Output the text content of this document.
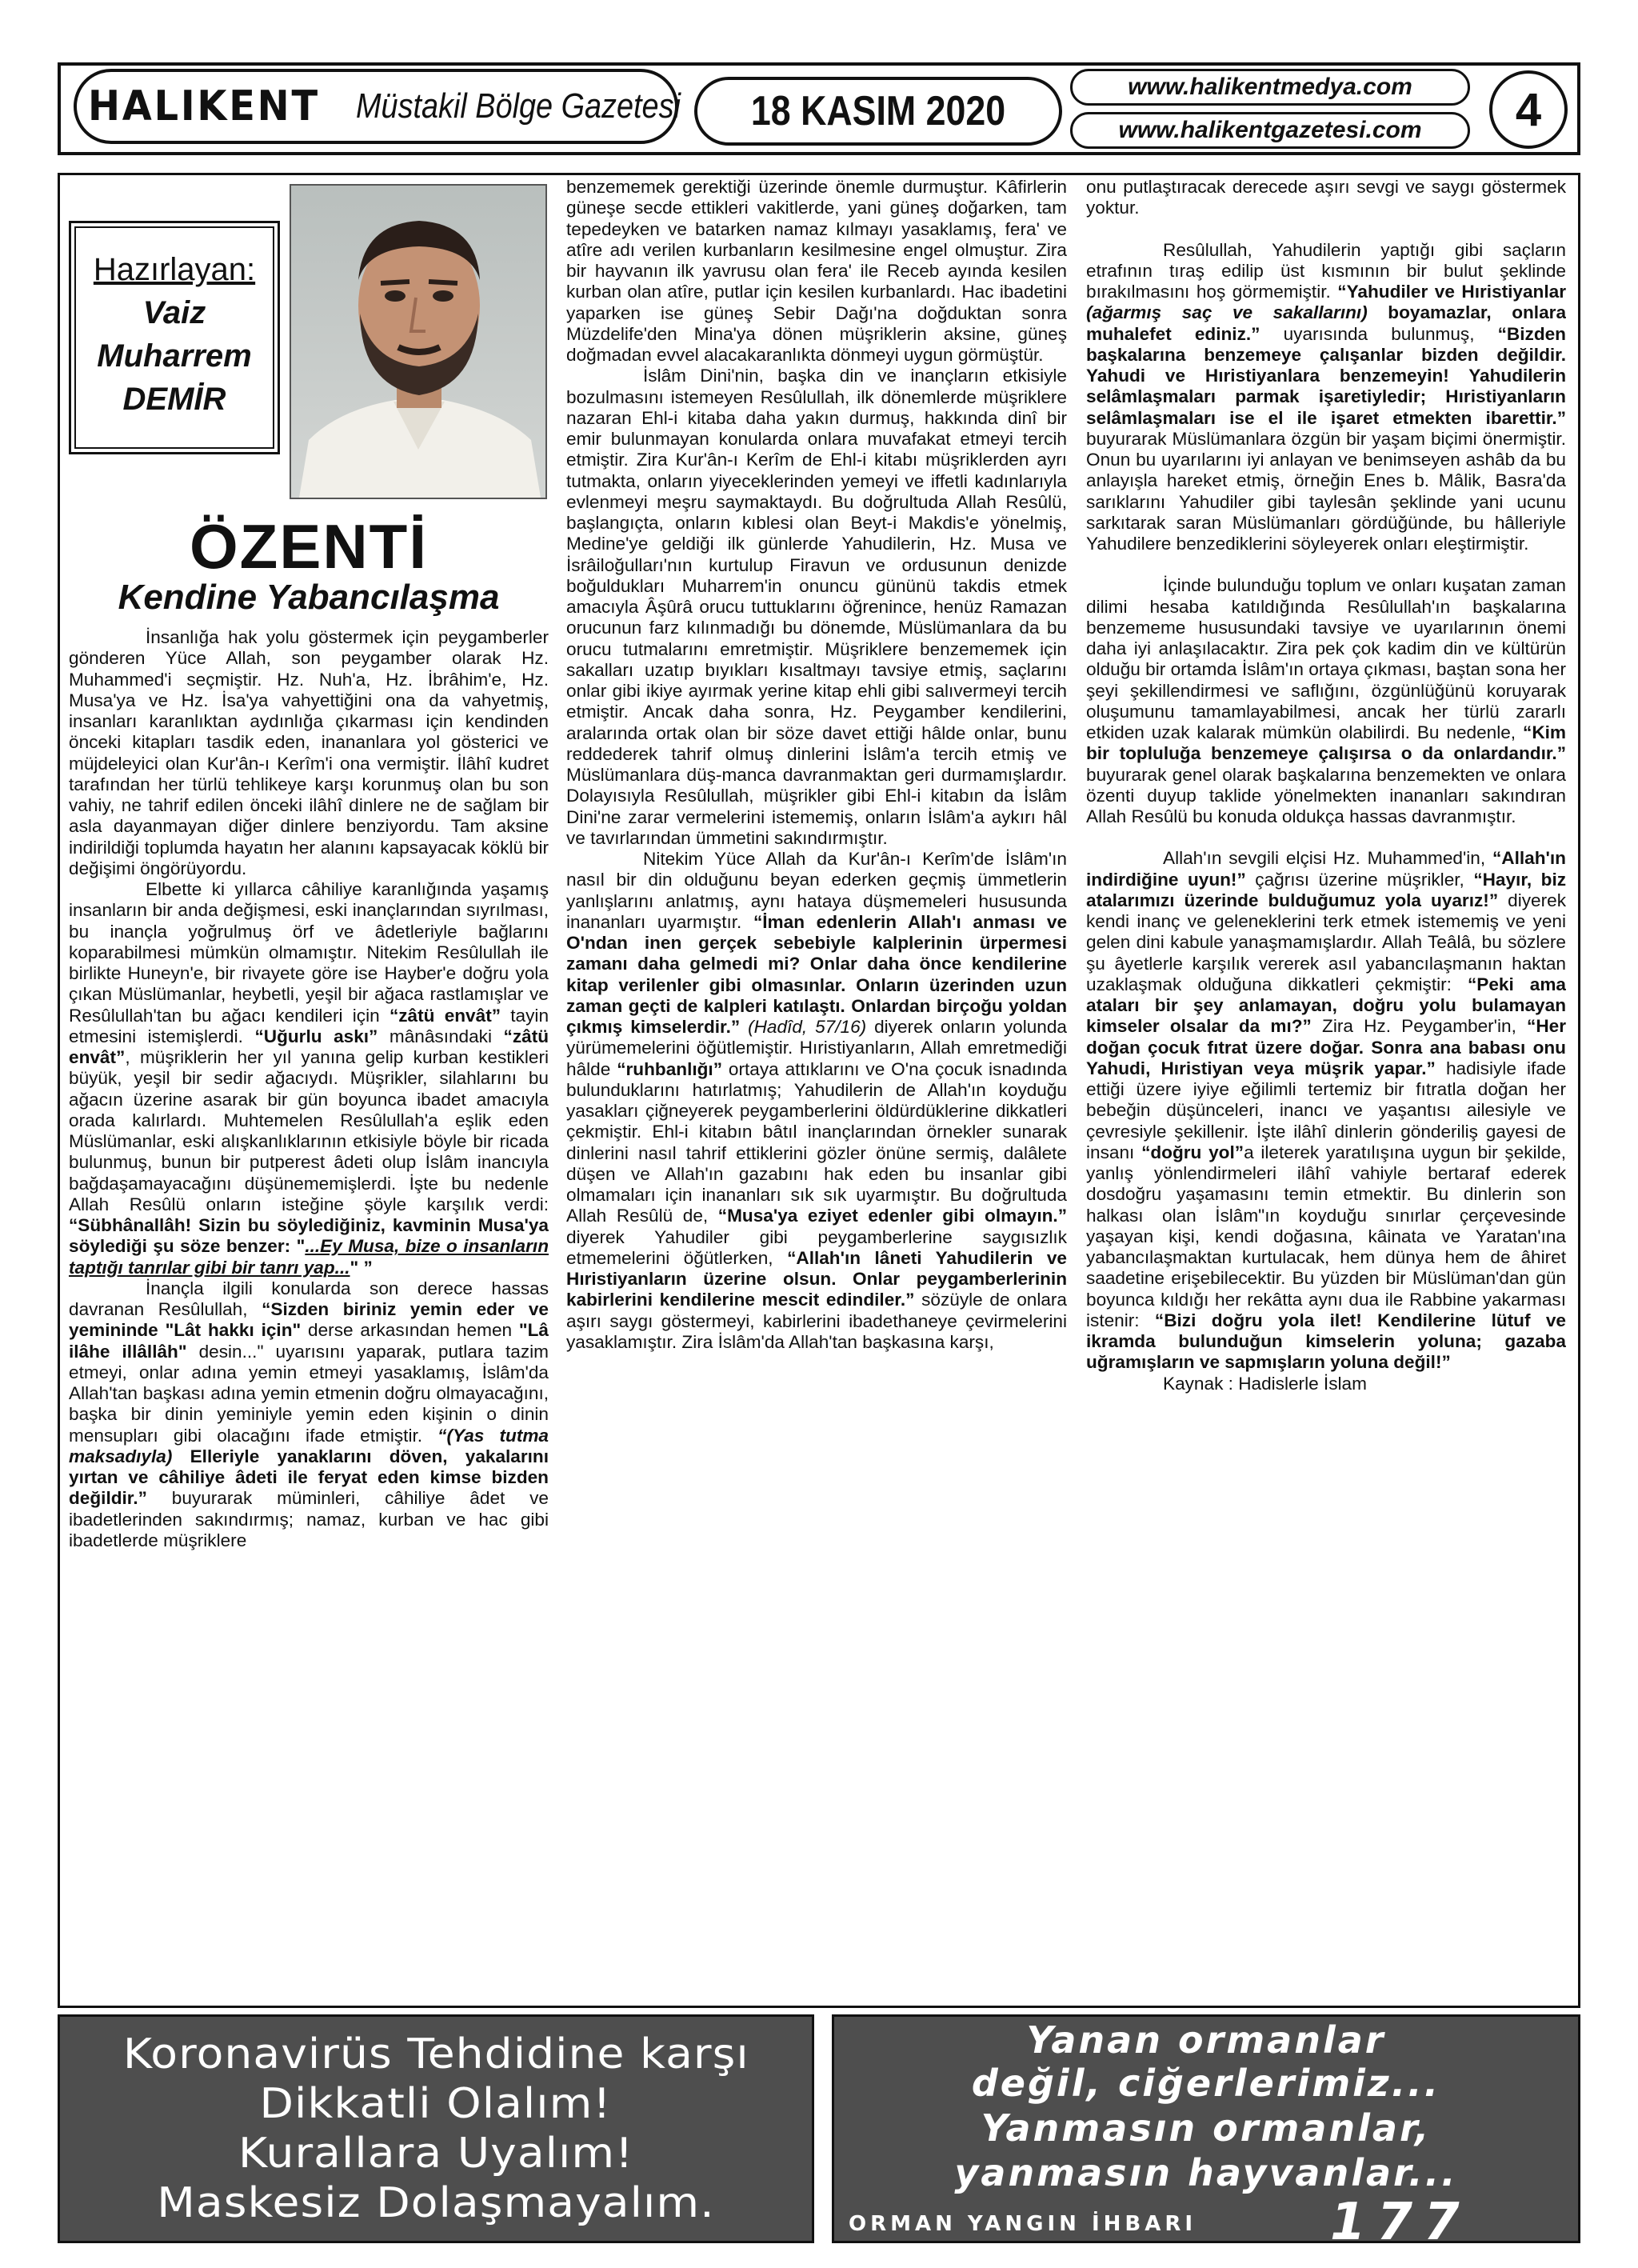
HALIKENT Müstakil Bölge Gazetesi 18 KASIM 2020
www.halikentmedya.com
www.halikentgazetesi.com	4
Hazırlayan:
Vaiz
Muharrem
DEMİR
ÖZENTİ
Kendine Yabancılaşma

İnsanlığa hak yolu göstermek için peygamberler gönderen Yüce Allah, son peygamber olarak Hz. Muhammed'i seçmiştir. Hz. Nuh'a, Hz. İbrâhim'e, Hz. Musa'ya ve Hz. İsa'ya vahyettiğini ona da vahyetmiş, insanları karanlıktan aydınlığa çıkarması için kendinden önceki kitapları tasdik eden, inananlara yol gösterici ve müjdeleyici olan Kur'ân-ı Kerîm'i ona vermiştir. İlâhî kudret tarafından her türlü tehlikeye karşı korunmuş olan bu son vahiy, ne tahrif edilen önceki ilâhî dinlere ne de sağlam bir asla dayanmayan diğer dinlere benziyordu. Tam aksine indirildiği toplumda hayatın her alanını kapsayacak köklü bir değişimi öngörüyordu.

Elbette ki yıllarca câhiliye karanlığında yaşamış insanların bir anda değişmesi, eski inançlarından sıyrılması, bu inançla yoğrulmuş örf ve âdetleriyle bağlarını koparabilmesi mümkün olmamıştır. Nitekim Resûlullah ile birlikte Huneyn'e, bir rivayete göre ise Hayber'e doğru yola çıkan Müslümanlar, heybetli, yeşil bir ağaca rastlamışlar ve Resûlullah'tan bu ağacı kendileri için “zâtü envât” tayin etmesini istemişlerdi. “Uğurlu askı” mânâsındaki “zâtü envât”, müşriklerin her yıl yanına gelip kurban kestikleri büyük, yeşil bir sedir ağacıydı. Müşrikler, silahlarını bu ağacın üzerine asarak bir gün boyunca ibadet amacıyla orada kalırlardı. Muhtemelen Resûlullah'a eşlik eden Müslümanlar, eski alışkanlıklarının etkisiyle böyle bir ricada bulunmuş, bunun bir putperest âdeti olup İslâm inancıyla bağdaşamayacağını düşünememişlerdi. İşte bu nedenle Allah Resûlü onların isteğine şöyle karşılık verdi: “Sübhânallâh! Sizin bu söylediğiniz, kavminin Musa'ya söylediği şu söze benzer: "...Ey Musa, bize o insanların taptığı tanrılar gibi bir tanrı yap..." ”

İnançla ilgili konularda son derece hassas davranan Resûlullah, “Sizden biriniz yemin eder ve yemininde "Lât hakkı için" derse arkasından hemen "Lâ ilâhe illâllâh" desin..." uyarısını yaparak, putlara tazim etmeyi, onlar adına yemin etmeyi yasaklamış, İslâm'da Allah'tan başkası adına yemin etmenin doğru olmayacağını, başka bir dinin yeminiyle yemin eden kişinin o dinin mensupları gibi olacağını ifade etmiştir. “(Yas tutma maksadıyla) Elleriyle yanaklarını döven, yakalarını yırtan ve câhiliye âdeti ile feryat eden kimse bizden değildir.” buyurarak müminleri, câhiliye âdet ve ibadetlerinden sakındırmış; namaz, kurban ve hac gibi ibadetlerde müşriklere

benzememek gerektiği üzerinde önemle durmuştur. Kâfirlerin güneşe secde ettikleri vakitlerde, yani güneş doğarken, tam tepedeyken ve batarken namaz kılmayı yasaklamış, fera' ve atîre adı verilen kurbanların kesilmesine engel olmuştur. Zira bir hayvanın ilk yavrusu olan fera' ile Receb ayında kesilen kurban olan atîre, putlar için kesilen kurbanlardı. Hac ibadetini yaparken ise güneş Sebir Dağı'na doğduktan sonra Müzdelife'den Mina'ya dönen müşriklerin aksine, güneş doğmadan evvel alacakaranlıkta dönmeyi uygun görmüştür.

İslâm Dini'nin, başka din ve inançların etkisiyle bozulmasını istemeyen Resûlullah, ilk dönemlerde müşriklere nazaran Ehl-i kitaba daha yakın durmuş, hakkında dinî bir emir bulunmayan konularda onlara muvafakat etmeyi tercih etmiştir. Zira Kur'ân-ı Kerîm de Ehl-i kitabı müşriklerden ayrı tutmakta, onların yiyeceklerinden yemeyi ve iffetli kadınlarıyla evlenmeyi meşru saymaktaydı. Bu doğrultuda Allah Resûlü, başlangıçta, onların kıblesi olan Beyt-i Makdis'e yönelmiş, Medine'ye geldiği ilk günlerde Yahudilerin, Hz. Musa ve İsrâiloğulları'nın kurtulup Firavun ve ordusunun denizde boğuldukları Muharrem'in onuncu gününü takdis etmek amacıyla Âşûrâ orucu tuttuklarını öğrenince, henüz Ramazan orucunun farz kılınmadığı bu dönemde, Müslümanlara da bu orucu tutmalarını emretmiştir. Müşriklere benzememek için sakalları uzatıp bıyıkları kısaltmayı tavsiye etmiş, saçlarını onlar gibi ikiye ayırmak yerine kitap ehli gibi salıvermeyi tercih etmiştir. Ancak daha sonra, Hz. Peygamber kendilerini, aralarında ortak olan bir söze davet ettiği hâlde onlar, bunu reddederek tahrif olmuş dinlerini İslâm'a tercih etmiş ve Müslümanlara düş-manca davranmaktan geri durmamışlardır. Dolayısıyla Resûlullah, müşrikler gibi Ehl-i kitabın da İslâm Dini'ne zarar vermelerini istememiş, onların İslâm'a aykırı hâl ve tavırlarından ümmetini sakındırmıştır.

Nitekim Yüce Allah da Kur'ân-ı Kerîm'de İslâm'ın nasıl bir din olduğunu beyan ederken geçmiş ümmetlerin yanlışlarını anlatmış, aynı hataya düşmemeleri hususunda inananları uyarmıştır. “İman edenlerin Allah'ı anması ve O'ndan inen gerçek sebebiyle kalplerinin ürpermesi zamanı daha gelmedi mi? Onlar daha önce kendilerine kitap verilenler gibi olmasınlar. Onların üzerinden uzun zaman geçti de kalpleri katılaştı. Onlardan birçoğu yoldan çıkmış kimselerdir.” (Hadîd, 57/16) diyerek onların yolunda yürümemelerini öğütlemiştir. Hıristiyanların, Allah emretmediği hâlde “ruhbanlığı” ortaya attıklarını ve O'na çocuk isnadında bulunduklarını hatırlatmış; Yahudilerin de Allah'ın koyduğu yasakları çiğneyerek peygamberlerini öldürdüklerine dikkatleri çekmiştir. Ehl-i kitabın bâtıl inançlarından örnekler sunarak dinlerini nasıl tahrif ettiklerini gözler önüne sermiş, dalâlete düşen ve Allah'ın gazabını hak eden bu insanlar gibi olmamaları için inananları sık sık uyarmıştır. Bu doğrultuda Allah Resûlü de, “Musa'ya eziyet edenler gibi olmayın.” diyerek Yahudiler gibi peygamberlerine saygısızlık etmemelerini öğütlerken, “Allah'ın lâneti Yahudilerin ve Hıristiyanların üzerine olsun. Onlar peygamberlerinin kabirlerini kendilerine mescit edindiler.” sözüyle de onlara aşırı saygı göstermeyi, kabirlerini ibadethaneye çevirmelerini yasaklamıştır. Zira İslâm'da Allah'tan başkasına karşı,

onu putlaştıracak derecede aşırı sevgi ve saygı göstermek yoktur.

Resûlullah, Yahudilerin yaptığı gibi saçların etrafının tıraş edilip üst kısmının bir bulut şeklinde bırakılmasını hoş görmemiştir. “Yahudiler ve Hıristiyanlar (ağarmış saç ve sakallarını) boyamazlar, onlara muhalefet ediniz.” uyarısında bulunmuş, “Bizden başkalarına benzemeye çalışanlar bizden değildir. Yahudi ve Hıristiyanlara benzemeyin! Yahudilerin selâmlaşmaları parmak işaretiyledir; Hıristiyanların selâmlaşmaları ise el ile işaret etmekten ibarettir.” buyurarak Müslümanlara özgün bir yaşam biçimi önermiştir. Onun bu uyarılarını iyi anlayan ve benimseyen ashâb da bu anlayışla hareket etmiş, örneğin Enes b. Mâlik, Basra'da sarıklarını Yahudiler gibi taylesân şeklinde yani ucunu sarkıtarak saran Müslümanları gördüğünde, bu hâlleriyle Yahudilere benzediklerini söyleyerek onları eleştirmiştir.

İçinde bulunduğu toplum ve onları kuşatan zaman dilimi hesaba katıldığında Resûlullah'ın başkalarına benzememe hususundaki tavsiye ve uyarılarının önemi daha iyi anlaşılacaktır. Zira pek çok kadim din ve kültürün olduğu bir ortamda İslâm'ın ortaya çıkması, baştan sona her şeyi şekillendirmesi ve saflığını, özgünlüğünü koruyarak oluşumunu tamamlayabilmesi, ancak her türlü zararlı etkiden uzak kalarak mümkün olabilirdi. Bu nedenle, “Kim bir topluluğa benzemeye çalışırsa o da onlardandır.” buyurarak genel olarak başkalarına benzemekten ve onlara özenti duyup taklide yönelmekten inananları sakındıran Allah Resûlü bu konuda oldukça hassas davranmıştır.

Allah'ın sevgili elçisi Hz. Muhammed'in, “Allah'ın indirdiğine uyun!” çağrısı üzerine müşrikler, “Hayır, biz atalarımızı üzerinde bulduğumuz yola uyarız!” diyerek kendi inanç ve geleneklerini terk etmek istememiş ve yeni gelen dini kabule yanaşmamışlardır. Allah Teâlâ, bu sözlere şu âyetlerle karşılık vererek asıl yabancılaşmanın haktan uzaklaşmak olduğuna dikkatleri çekmiştir: “Peki ama ataları bir şey anlamayan, doğru yolu bulamayan kimseler olsalar da mı?” Zira Hz. Peygamber'in, “Her doğan çocuk fıtrat üzere doğar. Sonra ana babası onu Yahudi, Hıristiyan veya müşrik yapar.” hadisiyle ifade ettiği üzere iyiye eğilimli tertemiz bir fıtratla doğan her bebeğin düşünceleri, inancı ve yaşantısı ailesiyle ve çevresiyle şekillenir. İşte ilâhî dinlerin gönderiliş gayesi de insanı “doğru yol”a ileterek yaratılışına uygun bir şekilde, yanlış yönlendirmeleri ilâhî vahiyle bertaraf ederek dosdoğru yaşamasını temin etmektir. Bu dinlerin son halkası olan İslâm"ın koyduğu sınırlar çerçevesinde yaşayan kişi, kendi doğasına, kâinata ve Yaratan'ına yabancılaşmaktan kurtulacak, hem dünya hem de âhiret saadetine erişebilecektir. Bu yüzden bir Müslüman'dan gün boyunca kıldığı her rekâtta aynı dua ile Rabbine yakarması istenir: “Bizi doğru yola ilet! Kendilerine lütuf ve ikramda bulunduğun kimselerin yoluna; gazaba uğramışların ve sapmışların yoluna değil!”

Kaynak : Hadislerle İslam

Koronavirüs Tehdidine karşı
Dikkatli Olalım!
Kurallara Uyalım!
Maskesiz Dolaşmayalım.
Yanan ormanlar
değil, ciğerlerimiz...
Yanmasın ormanlar,
yanmasın hayvanlar...
ORMAN YANGIN İHBARI	177
